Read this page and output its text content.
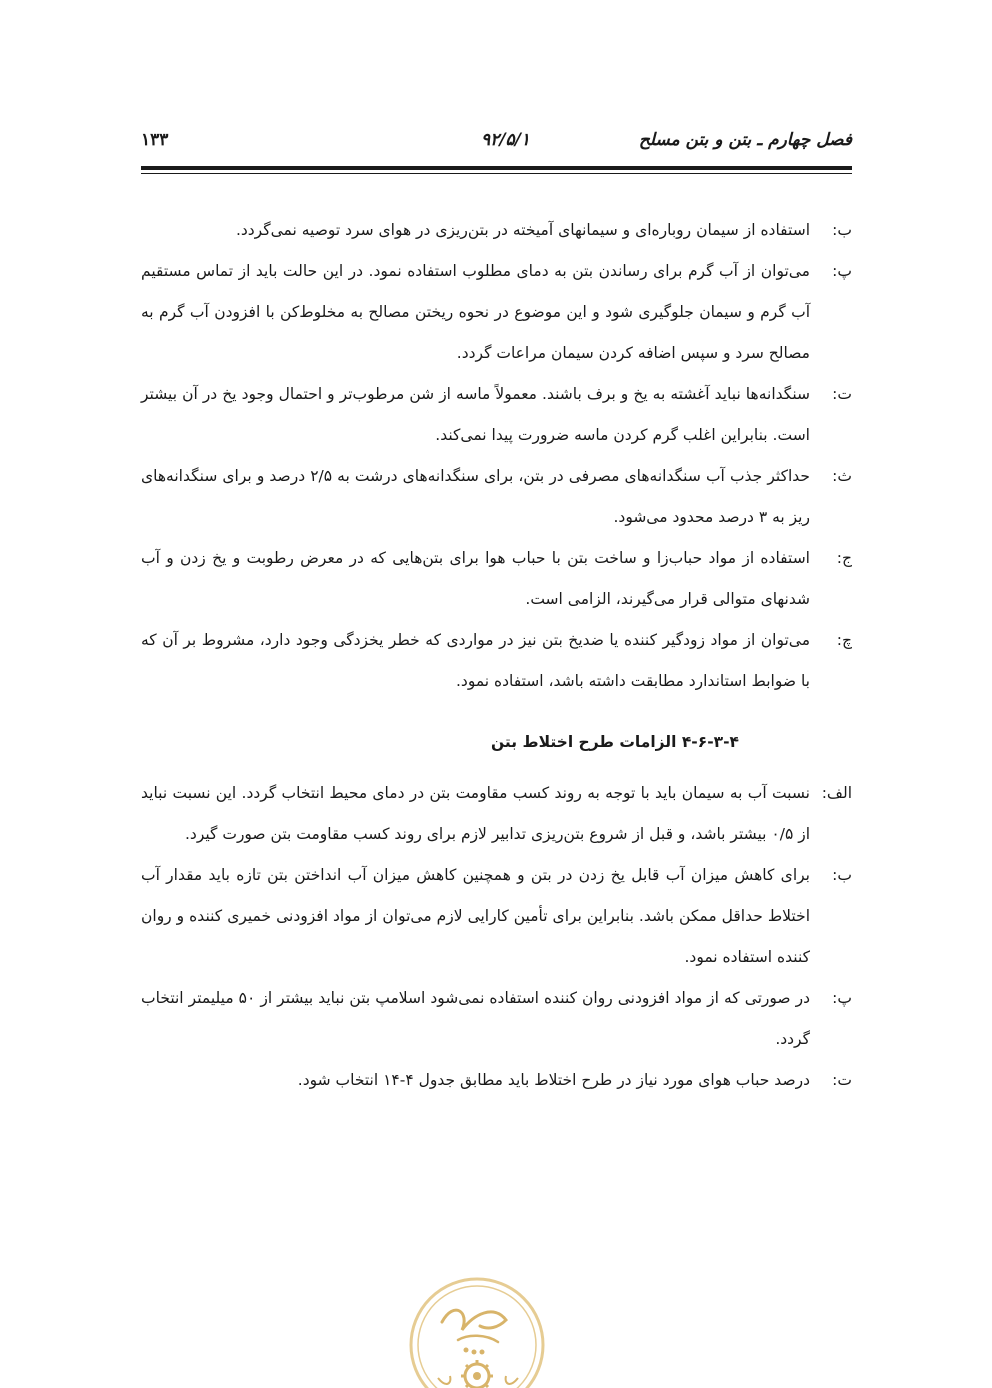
فصل چهارم ـ بتن و بتن مسلح
۹۲/۵/۱
۱۳۳
ب:
استفاده از سیمان روباره‌ای و سیمانهای آمیخته در بتن‌ریزی در هوای سرد توصیه نمی‌گردد.
پ:
می‌توان از آب گرم برای رساندن بتن به دمای مطلوب استفاده نمود. در این حالت باید از تماس مستقیم آب گرم و سیمان جلوگیری شود و این موضوع در نحوه ریختن مصالح به مخلوط‌کن با افزودن آب گرم به مصالح سرد و سپس اضافه کردن سیمان مراعات گردد.
ت:
سنگدانه‌ها نباید آغشته به یخ و برف باشند. معمولاً ماسه از شن مرطوب‌تر و احتمال وجود یخ در آن بیشتر است. بنابراین اغلب گرم کردن ماسه ضرورت پیدا نمی‌کند.
ث:
حداکثر جذب آب سنگدانه‌های مصرفی در بتن، برای سنگدانه‌های درشت به ۲/۵ درصد و برای سنگدانه‌های ریز به ۳ درصد محدود می‌شود.
ج:
استفاده از مواد حباب‌زا و ساخت بتن با حباب هوا برای بتن‌هایی که در معرض رطوبت و یخ زدن و آب شدنهای متوالی قرار می‌گیرند، الزامی است.
چ:
می‌توان از مواد زودگیر کننده یا ضدیخ بتن نیز در مواردی که خطر یخزدگی وجود دارد، مشروط بر آن که با ضوابط استاندارد مطابقت داشته باشد، استفاده نمود.
۴-۶-۳-۴ الزامات طرح اختلاط بتن
الف:
نسبت آب به سیمان باید با توجه به روند کسب مقاومت بتن در دمای محیط انتخاب گردد. این نسبت نباید از ۰/۵ بیشتر باشد، و قبل از شروع بتن‌ریزی تدابیر لازم برای روند کسب مقاومت بتن صورت گیرد.
ب:
برای کاهش میزان آب قابل یخ زدن در بتن و همچنین کاهش میزان آب انداختن بتن تازه باید مقدار آب اختلاط حداقل ممکن باشد. بنابراین برای تأمین کارایی لازم می‌توان از مواد افزودنی خمیری کننده و روان کننده استفاده نمود.
پ:
در صورتی که از مواد افزودنی روان کننده استفاده نمی‌شود اسلامپ بتن نباید بیشتر از ۵۰ میلیمتر انتخاب گردد.
ت:
درصد حباب هوای مورد نیاز در طرح اختلاط باید مطابق جدول ۴-۱۴ انتخاب شود.
